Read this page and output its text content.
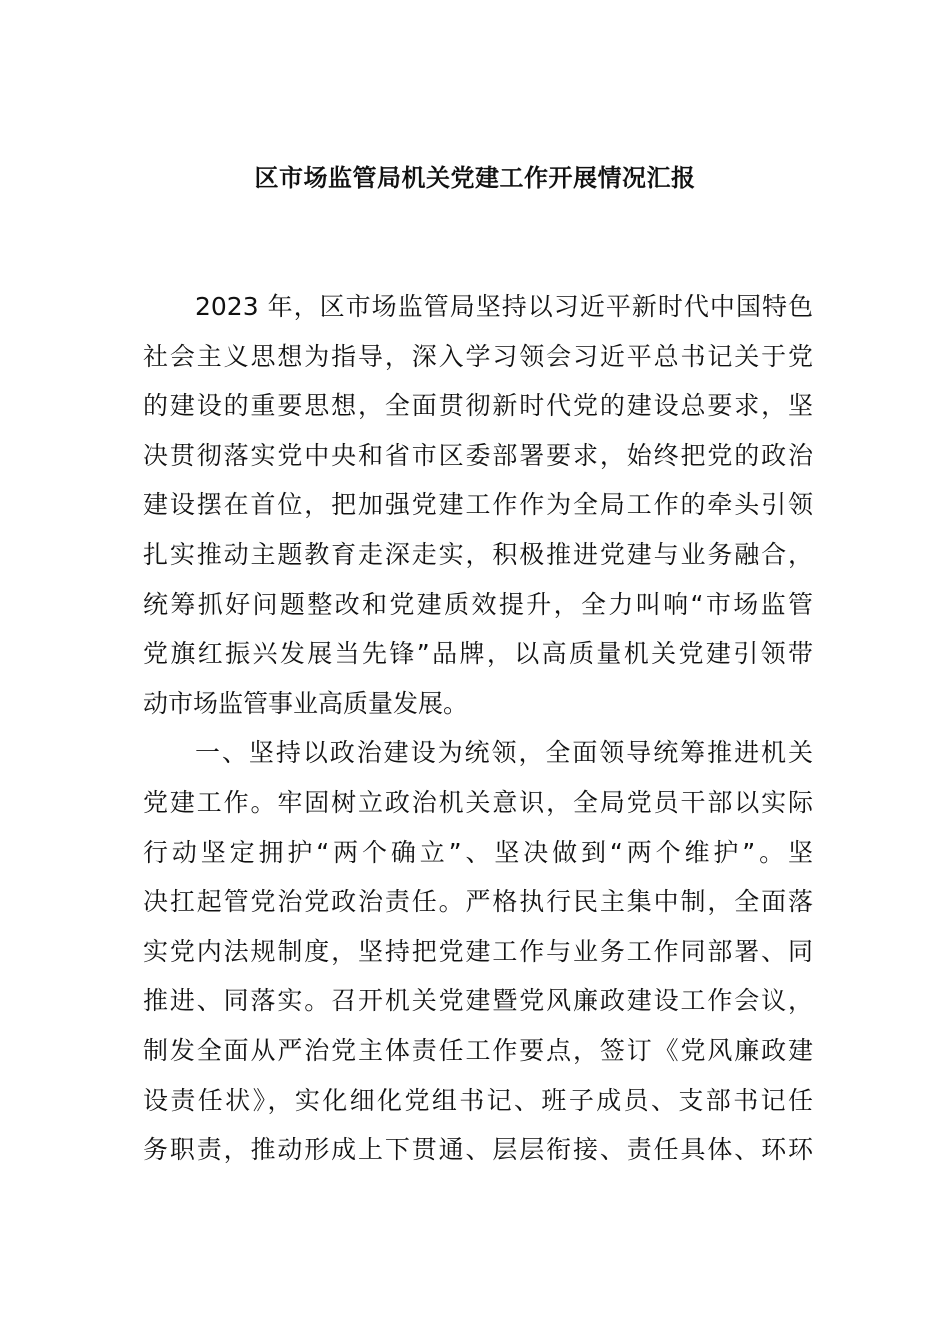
区市场监管局机关党建工作开展情况汇报
2023 年，区市场监管局坚持以习近平新时代中国特色
社会主义思想为指导，深入学习领会习近平总书记关于党
的建设的重要思想，全面贯彻新时代党的建设总要求，坚
决贯彻落实党中央和省市区委部署要求，始终把党的政治
建设摆在首位，把加强党建工作作为全局工作的牵头引领
扎实推动主题教育走深走实，积极推进党建与业务融合，
统筹抓好问题整改和党建质效提升，全力叫响“市场监管
党旗红振兴发展当先锋”品牌，以高质量机关党建引领带
动市场监管事业高质量发展。
一、坚持以政治建设为统领，全面领导统筹推进机关
党建工作。牢固树立政治机关意识，全局党员干部以实际
行动坚定拥护“两个确立”、坚决做到“两个维护”。坚
决扛起管党治党政治责任。严格执行民主集中制，全面落
实党内法规制度，坚持把党建工作与业务工作同部署、同
推进、同落实。召开机关党建暨党风廉政建设工作会议，
制发全面从严治党主体责任工作要点，签订《党风廉政建
设责任状》，实化细化党组书记、班子成员、支部书记任
务职责，推动形成上下贯通、层层衔接、责任具体、环环
